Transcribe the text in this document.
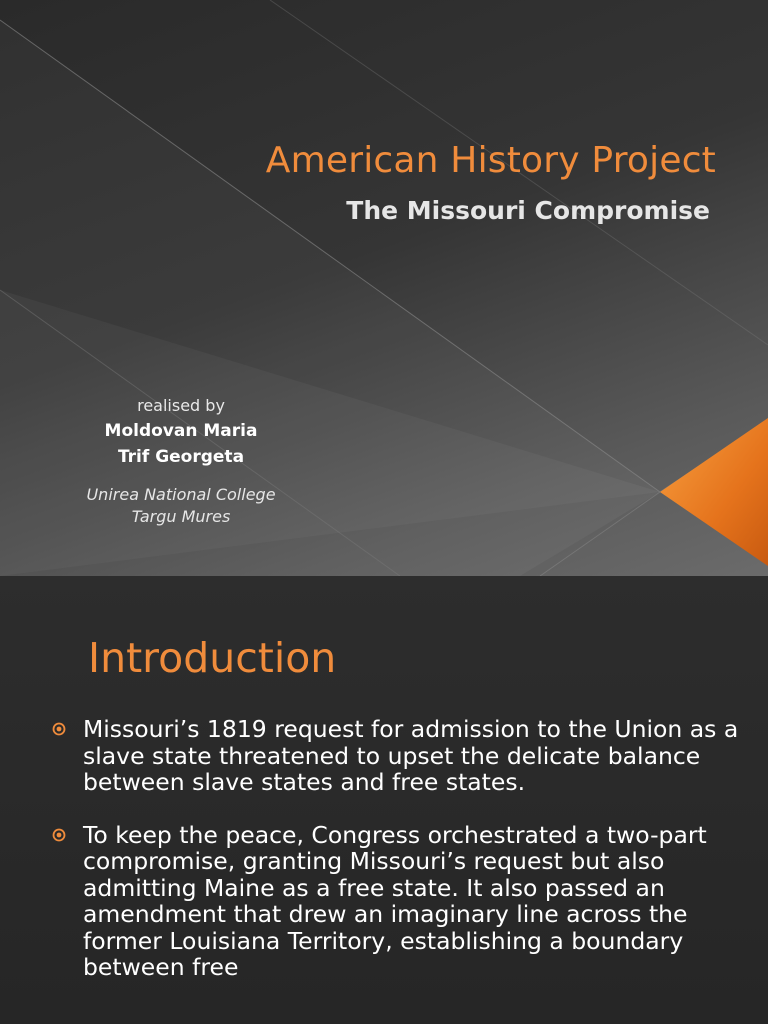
American History Project
The Missouri Compromise
realised by
Moldovan Maria
Trif Georgeta
Unirea National College
Targu Mures
Introduction
Missouri’s 1819 request for admission to the Union as a slave state threatened to upset the delicate balance between slave states and free states.
To keep the peace, Congress orchestrated a two-part compromise, granting Missouri’s request but also admitting Maine as a free state. It also passed an amendment that drew an imaginary line across the former Louisiana Territory, establishing a boundary between free
